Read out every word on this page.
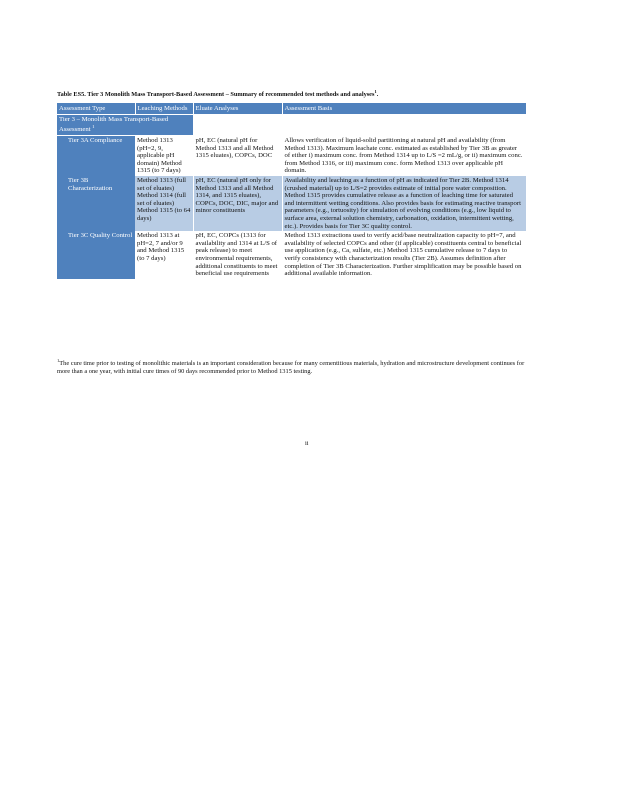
Table ES5. Tier 3 Monolith Mass Transport-Based Assessment – Summary of recommended test methods and analyses$^1$.
Assessment Type	Leaching Methods	Eluate Analyses	Assessment Basis
Tier 3 – Monolith Mass Transport-Based Assessment $^1$	
Tier 3A Compliance	Method 1313 (pH=2, 9, applicable pH domain) Method 1315 (to 7 days)	pH, EC (natural pH for Method 1313 and all Method 1315 eluates), COPCs, DOC	Allows verification of liquid-solid partitioning at natural pH and availability (from Method 1313). Maximum leachate conc. estimated as established by Tier 3B as greater of either i) maximum conc. from Method 1314 up to L/S =2 mL/g, or ii) maximum conc. from Method 1316, or iii) maximum conc. form Method 1313 over applicable pH domain.
Tier 3B Characterization	Method 1313 (full set of eluates) Method 1314 (full set of eluates) Method 1315 (to 64 days)	pH, EC (natural pH only for Method 1313 and all Method 1314, and 1315 eluates), COPCs, DOC, DIC, major and minor constituents	Availability and leaching as a function of pH as indicated for Tier 2B. Method 1314 (crushed material) up to L/S=2 provides estimate of initial pore water composition. Method 1315 provides cumulative release as a function of leaching time for saturated and intermittent wetting conditions. Also provides basis for estimating reactive transport parameters (e.g., tortuosity) for simulation of evolving conditions (e.g., low liquid to surface area, external solution chemistry, carbonation, oxidation, intermittent wetting, etc.). Provides basis for Tier 3C quality control.
Tier 3C Quality Control	Method 1313 at pH=2, 7 and/or 9 and Method 1315 (to 7 days)	pH, EC, COPCs (1313 for availability and 1314 at L/S of peak release) to meet environmental requirements, additional constituents to meet beneficial use requirements	Method 1313 extractions used to verify acid/base neutralization capacity to pH=7, and availability of selected COPCs and other (if applicable) constituents central to beneficial use application (e.g., Ca, sulfate, etc.) Method 1315 cumulative release to 7 days to verify consistency with characterization results (Tier 2B). Assumes definition after completion of Tier 3B Characterization. Further simplification may be possible based on additional available information.
$^1$The cure time prior to testing of monolithic materials is an important consideration because for many cementitious materials, hydration and microstructure development continues for more than a one year, with initial cure times of 90 days recommended prior to Method 1315 testing.
ii
